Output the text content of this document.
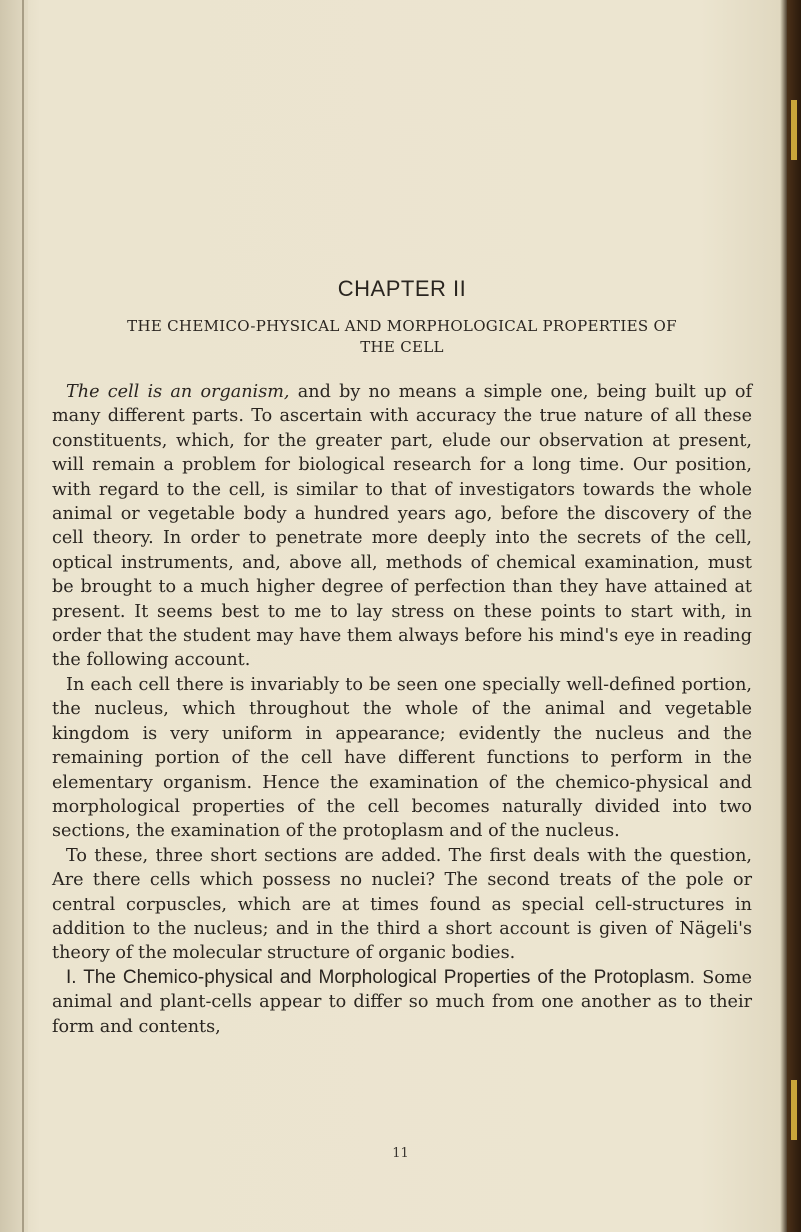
CHAPTER II
THE CHEMICO-PHYSICAL AND MORPHOLOGICAL PROPERTIES OF
THE CELL

The cell is an organism, and by no means a simple one, being built up of many different parts. To ascertain with accuracy the true nature of all these constituents, which, for the greater part, elude our observation at present, will remain a problem for biological research for a long time. Our position, with regard to the cell, is similar to that of investigators towards the whole animal or vegetable body a hundred years ago, before the discovery of the cell theory. In order to penetrate more deeply into the secrets of the cell, optical instruments, and, above all, methods of chemical examination, must be brought to a much higher degree of perfection than they have attained at present. It seems best to me to lay stress on these points to start with, in order that the student may have them always before his mind's eye in reading the following account.

In each cell there is invariably to be seen one specially well-defined portion, the nucleus, which throughout the whole of the animal and vegetable kingdom is very uniform in appearance; evidently the nucleus and the remaining portion of the cell have different functions to perform in the elementary organism. Hence the examination of the chemico-physical and morphological properties of the cell becomes naturally divided into two sections, the examination of the protoplasm and of the nucleus.

To these, three short sections are added. The first deals with the question, Are there cells which possess no nuclei? The second treats of the pole or central corpuscles, which are at times found as special cell-structures in addition to the nucleus; and in the third a short account is given of Nägeli's theory of the molecular structure of organic bodies.

I. The Chemico-physical and Morphological Properties of the Protoplasm. Some animal and plant-cells appear to differ so much from one another as to their form and contents,

11
